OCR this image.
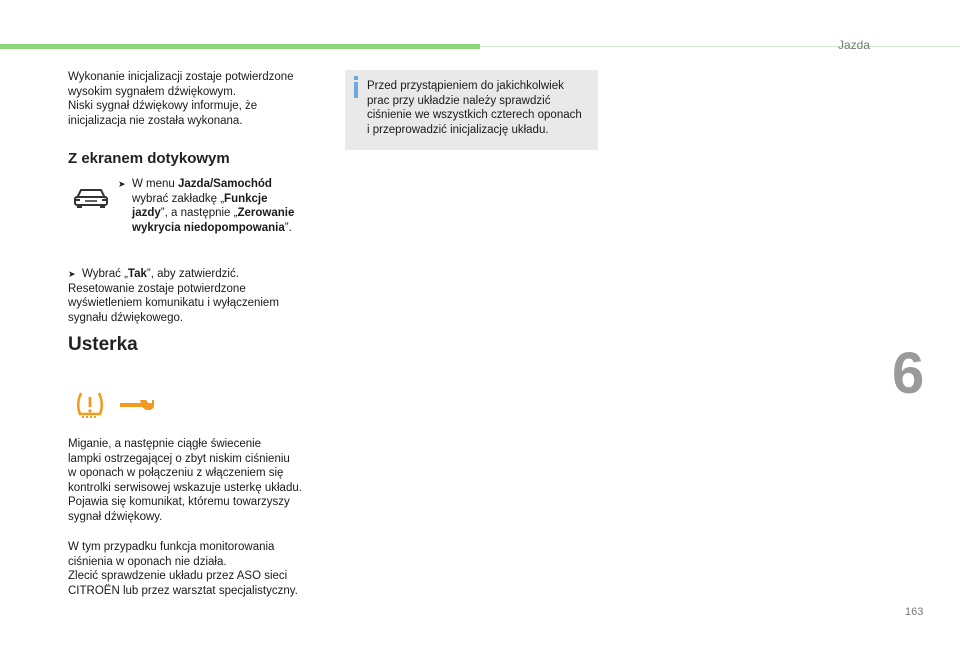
Jazda

Wykonanie inicjalizacji zostaje potwierdzone

wysokim sygnałem dźwiękowym.

Niski sygnał dźwiękowy informuje, że

inicjalizacja nie została wykonana.

Z ekranem dotykowym

➤ W menu Jazda/Samochód

wybrać zakładkę „Funkcje

jazdy”, a następnie „Zerowanie

wykrycia niedopompowania”.

➤ Wybrać „Tak”, aby zatwierdzić.

Resetowanie zostaje potwierdzone

wyświetleniem komunikatu i wyłączeniem

sygnału dźwiękowego.

Usterka

Miganie, a następnie ciągłe świecenie

lampki ostrzegającej o zbyt niskim ciśnieniu

w oponach w połączeniu z włączeniem się

kontrolki serwisowej wskazuje usterkę układu.

Pojawia się komunikat, któremu towarzyszy

sygnał dźwiękowy.

W tym przypadku funkcja monitorowania

ciśnienia w oponach nie działa.

Zlecić sprawdzenie układu przez ASO sieci

CITROËN lub przez warsztat specjalistyczny.

Przed przystąpieniem do jakichkolwiek

prac przy układzie należy sprawdzić

ciśnienie we wszystkich czterech oponach

i przeprowadzić inicjalizację układu.

6
163
